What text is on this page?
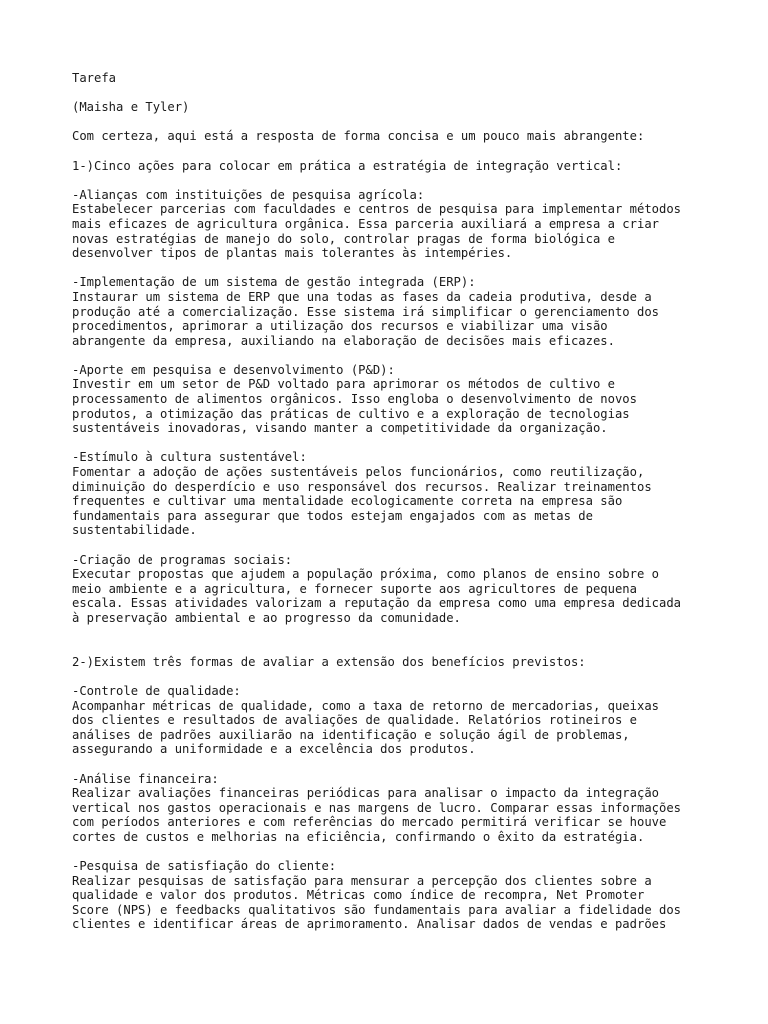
Tarefa
(Maisha e Tyler)
Com certeza, aqui está a resposta de forma concisa e um pouco mais abrangente:
1-)Cinco ações para colocar em prática a estratégia de integração vertical:
-Alianças com instituições de pesquisa agrícola:
Estabelecer parcerias com faculdades e centros de pesquisa para implementar métodos
mais eficazes de agricultura orgânica. Essa parceria auxiliará a empresa a criar
novas estratégias de manejo do solo, controlar pragas de forma biológica e
desenvolver tipos de plantas mais tolerantes às intempéries.
-Implementação de um sistema de gestão integrada (ERP):
Instaurar um sistema de ERP que una todas as fases da cadeia produtiva, desde a
produção até a comercialização. Esse sistema irá simplificar o gerenciamento dos
procedimentos, aprimorar a utilização dos recursos e viabilizar uma visão
abrangente da empresa, auxiliando na elaboração de decisões mais eficazes.
-Aporte em pesquisa e desenvolvimento (P&D):
Investir em um setor de P&D voltado para aprimorar os métodos de cultivo e
processamento de alimentos orgânicos. Isso engloba o desenvolvimento de novos
produtos, a otimização das práticas de cultivo e a exploração de tecnologias
sustentáveis inovadoras, visando manter a competitividade da organização.
-Estímulo à cultura sustentável:
Fomentar a adoção de ações sustentáveis pelos funcionários, como reutilização,
diminuição do desperdício e uso responsável dos recursos. Realizar treinamentos
frequentes e cultivar uma mentalidade ecologicamente correta na empresa são
fundamentais para assegurar que todos estejam engajados com as metas de
sustentabilidade.
-Criação de programas sociais:
Executar propostas que ajudem a população próxima, como planos de ensino sobre o
meio ambiente e a agricultura, e fornecer suporte aos agricultores de pequena
escala. Essas atividades valorizam a reputação da empresa como uma empresa dedicada
à preservação ambiental e ao progresso da comunidade.
2-)Existem três formas de avaliar a extensão dos benefícios previstos:
-Controle de qualidade:
Acompanhar métricas de qualidade, como a taxa de retorno de mercadorias, queixas
dos clientes e resultados de avaliações de qualidade. Relatórios rotineiros e
análises de padrões auxiliarão na identificação e solução ágil de problemas,
assegurando a uniformidade e a excelência dos produtos.
-Análise financeira:
Realizar avaliações financeiras periódicas para analisar o impacto da integração
vertical nos gastos operacionais e nas margens de lucro. Comparar essas informações
com períodos anteriores e com referências do mercado permitirá verificar se houve
cortes de custos e melhorias na eficiência, confirmando o êxito da estratégia.
-Pesquisa de satisfiação do cliente:
Realizar pesquisas de satisfação para mensurar a percepção dos clientes sobre a
qualidade e valor dos produtos. Métricas como índice de recompra, Net Promoter
Score (NPS) e feedbacks qualitativos são fundamentais para avaliar a fidelidade dos
clientes e identificar áreas de aprimoramento. Analisar dados de vendas e padrões
